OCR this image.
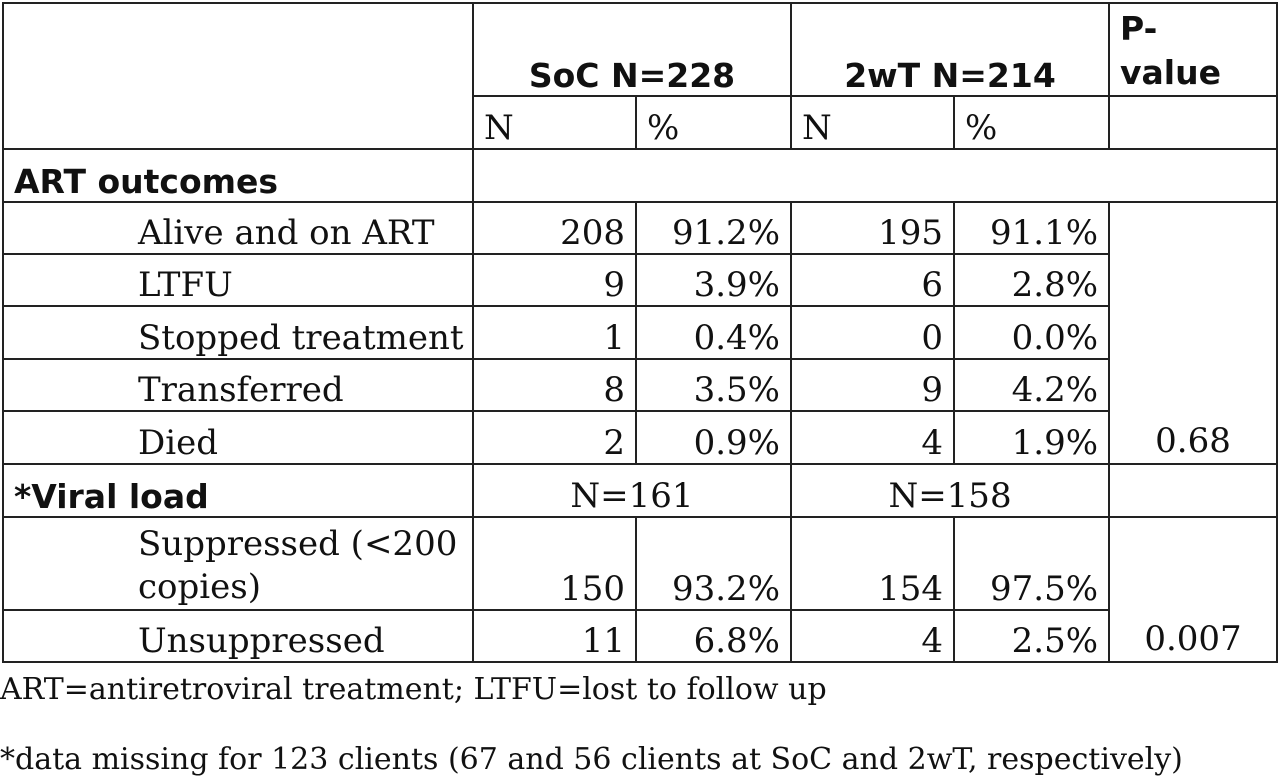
	SoC N=228		2wT N=214		P-
value
	N	%	N	%	
ART outcomes					
Alive and on ART	208	91.2%	195	91.1%	0.68
LTFU	9	3.9%	6	2.8%	
Stopped treatment	1	0.4%	0	0.0%	
Transferred	8	3.5%	9	4.2%	
Died	2	0.9%	4	1.9%	
*Viral load	N=161		N=158		
Suppressed (<200 copies)	150	93.2%	154	97.5%	0.007
Unsuppressed	11	6.8%	4	2.5%	
ART=antiretroviral treatment; LTFU=lost to follow up
*data missing for 123 clients (67 and 56 clients at SoC and 2wT, respectively)
